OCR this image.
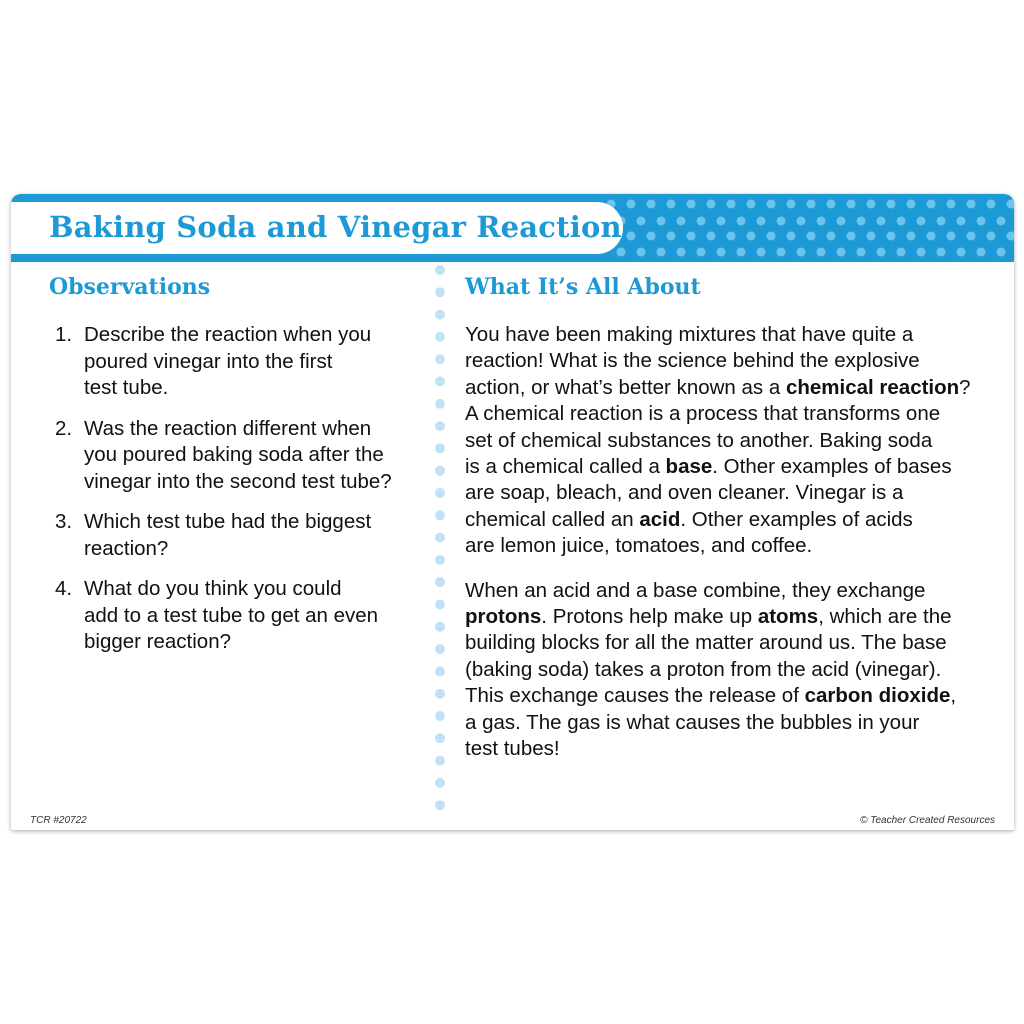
Baking Soda and Vinegar Reaction
Observations	What It’s All About
1. Describe the reaction when you
poured vinegar into the first
test tube.
2. Was the reaction different when
you poured baking soda after the
vinegar into the second test tube?
3. Which test tube had the biggest
reaction?
4. What do you think you could
add to a test tube to get an even
bigger reaction?

You have been making mixtures that have quite a
reaction! What is the science behind the explosive
action, or what’s better known as a chemical reaction?
A chemical reaction is a process that transforms one
set of chemical substances to another. Baking soda
is a chemical called a base. Other examples of bases
are soap, bleach, and oven cleaner. Vinegar is a
chemical called an acid. Other examples of acids
are lemon juice, tomatoes, and coffee.

When an acid and a base combine, they exchange
protons. Protons help make up atoms, which are the
building blocks for all the matter around us. The base
(baking soda) takes a proton from the acid (vinegar).
This exchange causes the release of carbon dioxide,
a gas. The gas is what causes the bubbles in your
test tubes!

TCR #20722	© Teacher Created Resources
